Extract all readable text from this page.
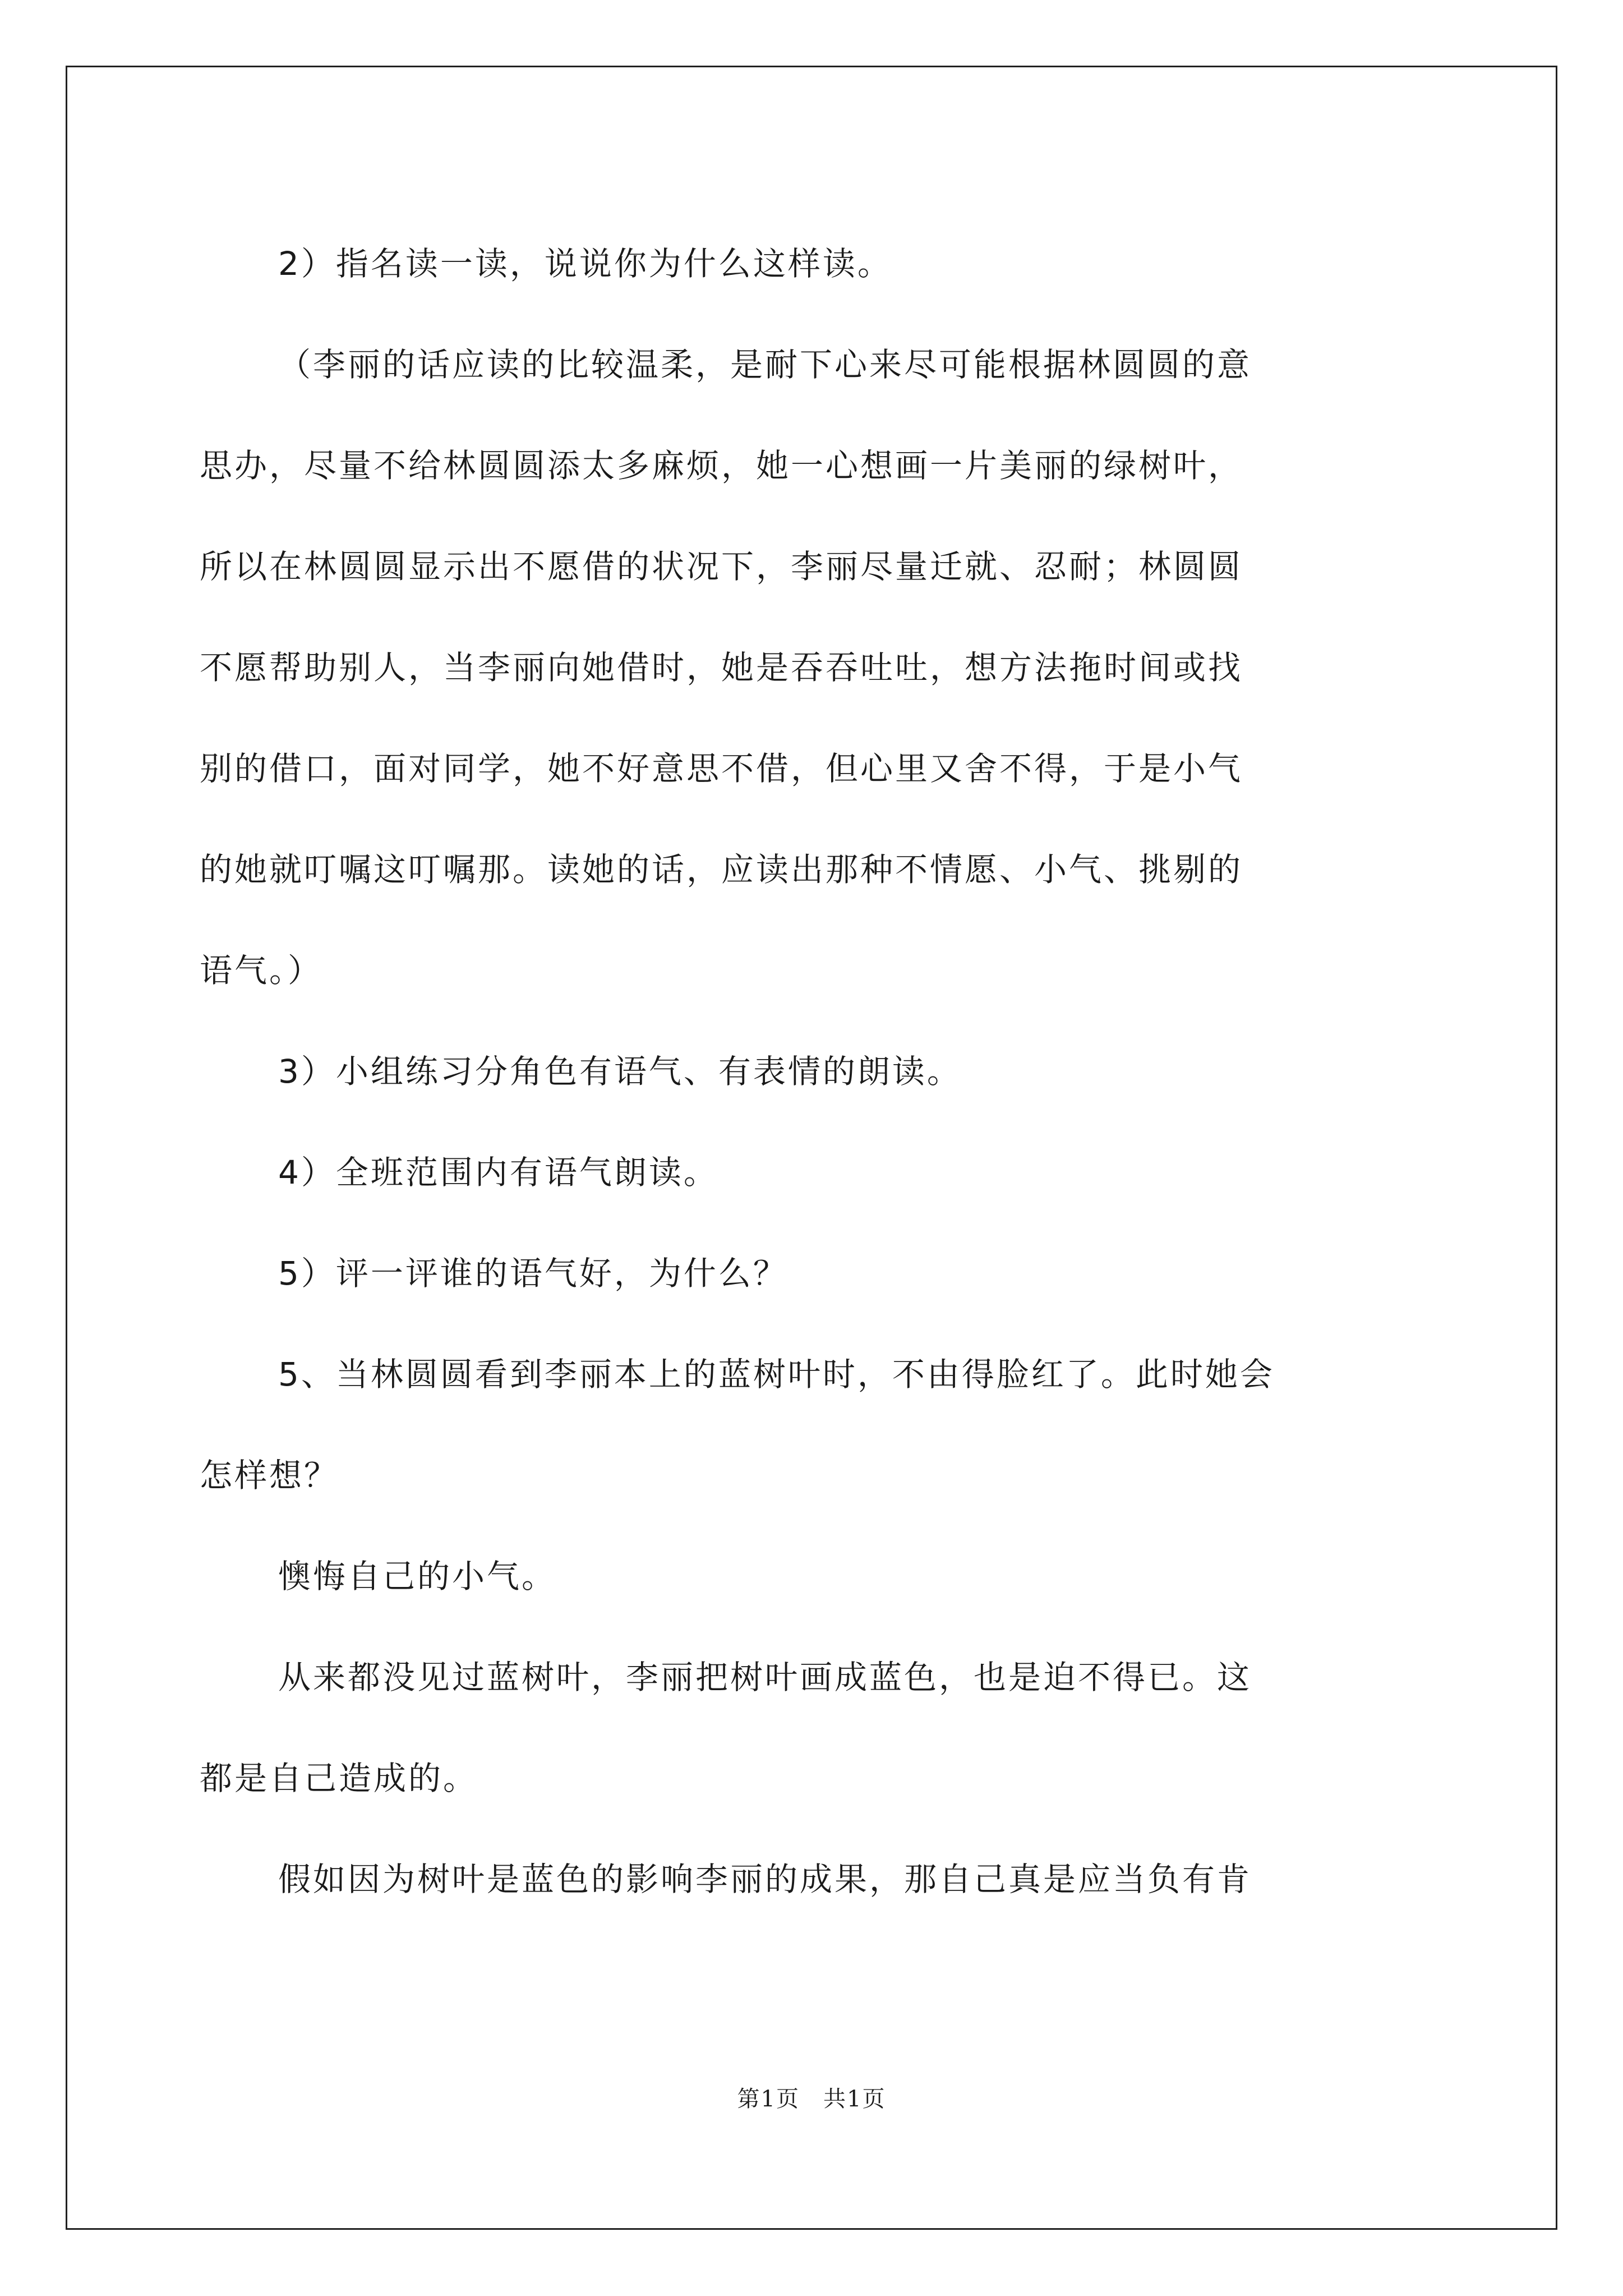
2）指名读一读，说说你为什么这样读。

（李丽的话应读的比较温柔，是耐下心来尽可能根据林圆圆的意

思办，尽量不给林圆圆添太多麻烦，她一心想画一片美丽的绿树叶，

所以在林圆圆显示出不愿借的状况下，李丽尽量迁就、忍耐；林圆圆

不愿帮助别人，当李丽向她借时，她是吞吞吐吐，想方法拖时间或找

别的借口，面对同学，她不好意思不借，但心里又舍不得，于是小气

的她就叮嘱这叮嘱那。读她的话，应读出那种不情愿、小气、挑剔的

语气。）

3）小组练习分角色有语气、有表情的朗读。

4）全班范围内有语气朗读。

5）评一评谁的语气好，为什么？

5、当林圆圆看到李丽本上的蓝树叶时，不由得脸红了。此时她会

怎样想？

懊悔自己的小气。

从来都没见过蓝树叶，李丽把树叶画成蓝色，也是迫不得已。这

都是自己造成的。

假如因为树叶是蓝色的影响李丽的成果，那自己真是应当负有肯

第1页　共1页
